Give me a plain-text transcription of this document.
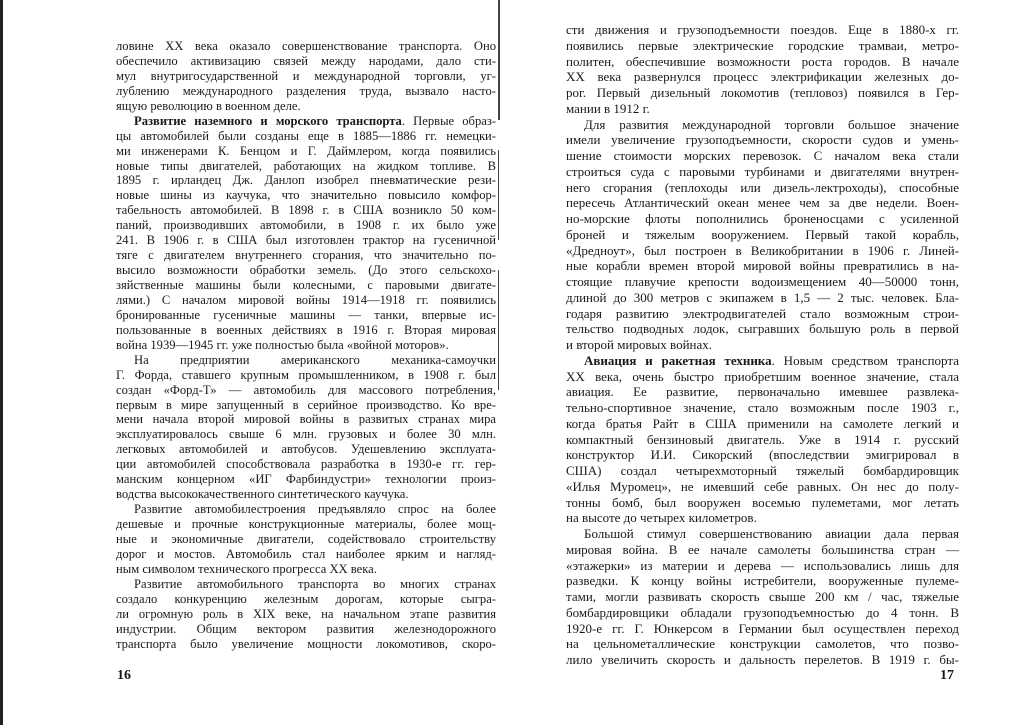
ловине XX века оказало совершенствование транспорта. Оно
обеспечило активизацию связей между народами, дало сти-
мул внутригосударственной и международной торговли, уг-
лублению международного разделения труда, вызвало насто-
ящую революцию в военном деле.
Развитие наземного и морского транспорта. Первые образ-
цы автомобилей были созданы еще в 1885—1886 гг. немецки-
ми инженерами К. Бенцом и Г. Даймлером, когда появились
новые типы двигателей, работающих на жидком топливе. В
1895 г. ирландец Дж. Данлоп изобрел пневматические рези-
новые шины из каучука, что значительно повысило комфор-
табельность автомобилей. В 1898 г. в США возникло 50 ком-
паний, производивших автомобили, в 1908 г. их было уже
241. В 1906 г. в США был изготовлен трактор на гусеничной
тяге с двигателем внутреннего сгорания, что значительно по-
высило возможности обработки земель. (До этого сельскохо-
зяйственные машины были колесными, с паровыми двигате-
лями.) С началом мировой войны 1914—1918 гг. появились
бронированные гусеничные машины — танки, впервые ис-
пользованные в военных действиях в 1916 г. Вторая мировая
война 1939—1945 гг. уже полностью была «войной моторов».
На предприятии американского механика-самоучки
Г. Форда, ставшего крупным промышленником, в 1908 г. был
создан «Форд-Т» — автомобиль для массового потребления,
первым в мире запущенный в серийное производство. Ко вре-
мени начала второй мировой войны в развитых странах мира
эксплуатировалось свыше 6 млн. грузовых и более 30 млн.
легковых автомобилей и автобусов. Удешевлению эксплуата-
ции автомобилей способствовала разработка в 1930-е гг. гер-
манским концерном «ИГ Фарбиндустри» технологии произ-
водства высококачественного синтетического каучука.
Развитие автомобилестроения предъявляло спрос на более
дешевые и прочные конструкционные материалы, более мощ-
ные и экономичные двигатели, содействовало строительству
дорог и мостов. Автомобиль стал наиболее ярким и нагляд-
ным символом технического прогресса XX века.
Развитие автомобильного транспорта во многих странах
создало конкуренцию железным дорогам, которые сыгра-
ли огромную роль в XIX веке, на начальном этапе развития
индустрии. Общим вектором развития железнодорожного
транспорта было увеличение мощности локомотивов, скоро-
сти движения и грузоподъемности поездов. Еще в 1880-х гг.
появились первые электрические городские трамваи, метро-
политен, обеспечившие возможности роста городов. В начале
XX века развернулся процесс электрификации железных до-
рог. Первый дизельный локомотив (тепловоз) появился в Гер-
мании в 1912 г.
Для развития международной торговли большое значение
имели увеличение грузоподъемности, скорости судов и умень-
шение стоимости морских перевозок. С началом века стали
строиться суда с паровыми турбинами и двигателями внутрен-
него сгорания (теплоходы или дизель-лектроходы), способные
пересечь Атлантический океан менее чем за две недели. Воен-
но-морские флоты пополнились броненосцами с усиленной
броней и тяжелым вооружением. Первый такой корабль,
«Дредноут», был построен в Великобритании в 1906 г. Линей-
ные корабли времен второй мировой войны превратились в на-
стоящие плавучие крепости водоизмещением 40—50000 тонн,
длиной до 300 метров с экипажем в 1,5 — 2 тыс. человек. Бла-
годаря развитию электродвигателей стало возможным строи-
тельство подводных лодок, сыгравших большую роль в первой
и второй мировых войнах.
Авиация и ракетная техника. Новым средством транспорта
XX века, очень быстро приобретшим военное значение, стала
авиация. Ее развитие, первоначально имевшее развлека-
тельно-спортивное значение, стало возможным после 1903 г.,
когда братья Райт в США применили на самолете легкий и
компактный бензиновый двигатель. Уже в 1914 г. русский
конструктор И.И. Сикорский (впоследствии эмигрировал в
США) создал четырехмоторный тяжелый бомбардировщик
«Илья Муромец», не имевший себе равных. Он нес до полу-
тонны бомб, был вооружен восемью пулеметами, мог летать
на высоте до четырех километров.
Большой стимул совершенствованию авиации дала первая
мировая война. В ее начале самолеты большинства стран —
«этажерки» из материи и дерева — использовались лишь для
разведки. К концу войны истребители, вооруженные пулеме-
тами, могли развивать скорость свыше 200 км / час, тяжелые
бомбардировщики обладали грузоподъемностью до 4 тонн. В
1920-е гг. Г. Юнкерсом в Германии был осуществлен переход
на цельнометаллические конструкции самолетов, что позво-
лило увеличить скорость и дальность перелетов. В 1919 г. бы-
16	17
